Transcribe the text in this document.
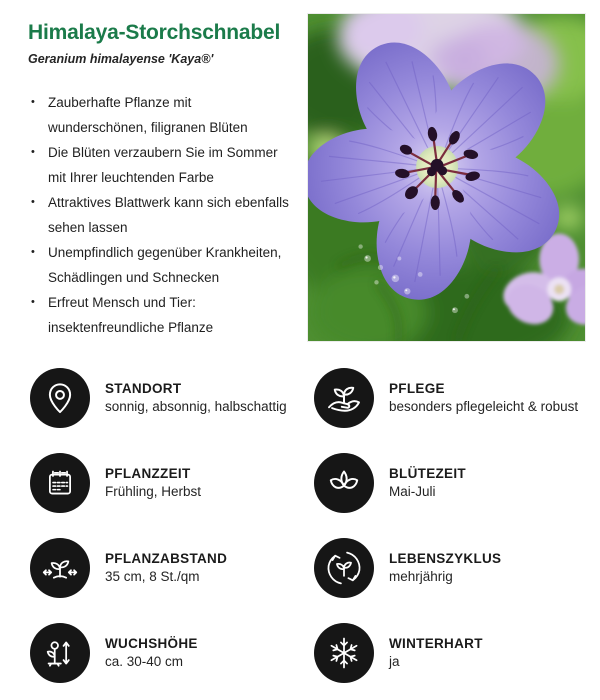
Himalaya-Storchschnabel
Geranium himalayense 'Kaya®'
• Zauberhafte Pflanze mit wunderschönen, filigranen Blüten
• Die Blüten verzaubern Sie im Sommer mit Ihrer leuchtenden Farbe
• Attraktives Blattwerk kann sich ebenfalls sehen lassen
• Unempfindlich gegenüber Krankheiten, Schädlingen und Schnecken
• Erfreut Mensch und Tier: insektenfreundliche Pflanze
STANDORT
sonnig, absonnig, halbschattig
PFLEGE
besonders pflegeleicht & robust
PFLANZZEIT
Frühling, Herbst
BLÜTEZEIT
Mai-Juli
PFLANZABSTAND
35 cm, 8 St./qm
LEBENSZYKLUS
mehrjährig
WUCHSHÖHE
ca. 30-40 cm
WINTERHART
ja
